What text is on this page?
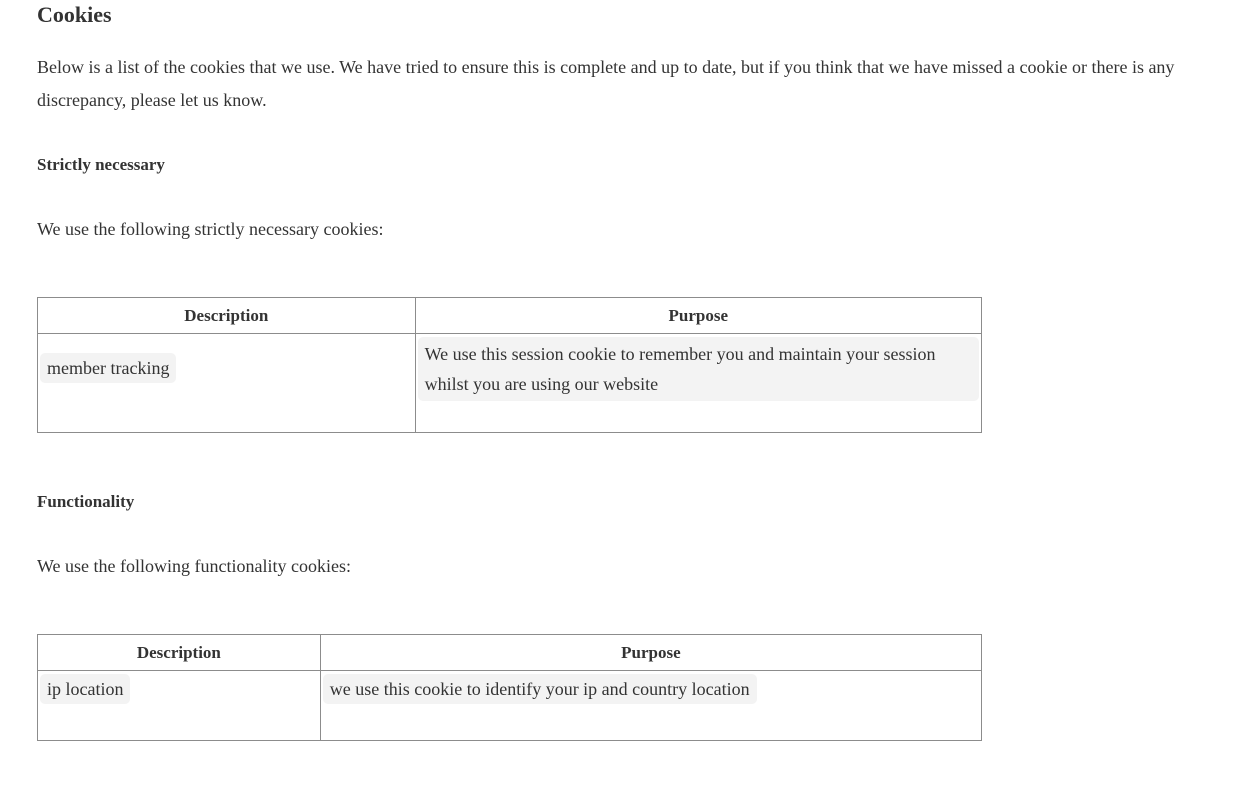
Cookies

Below is a list of the cookies that we use. We have tried to ensure this is complete and up to date, but if you think that we have missed a cookie or there is any discrepancy, please let us know.

Strictly necessary

We use the following strictly necessary cookies:

Description	Purpose
member tracking	We use this session cookie to remember you and maintain your session whilst you are using our website
Functionality

We use the following functionality cookies:

Description	Purpose
ip location	we use this cookie to identify your ip and country location
